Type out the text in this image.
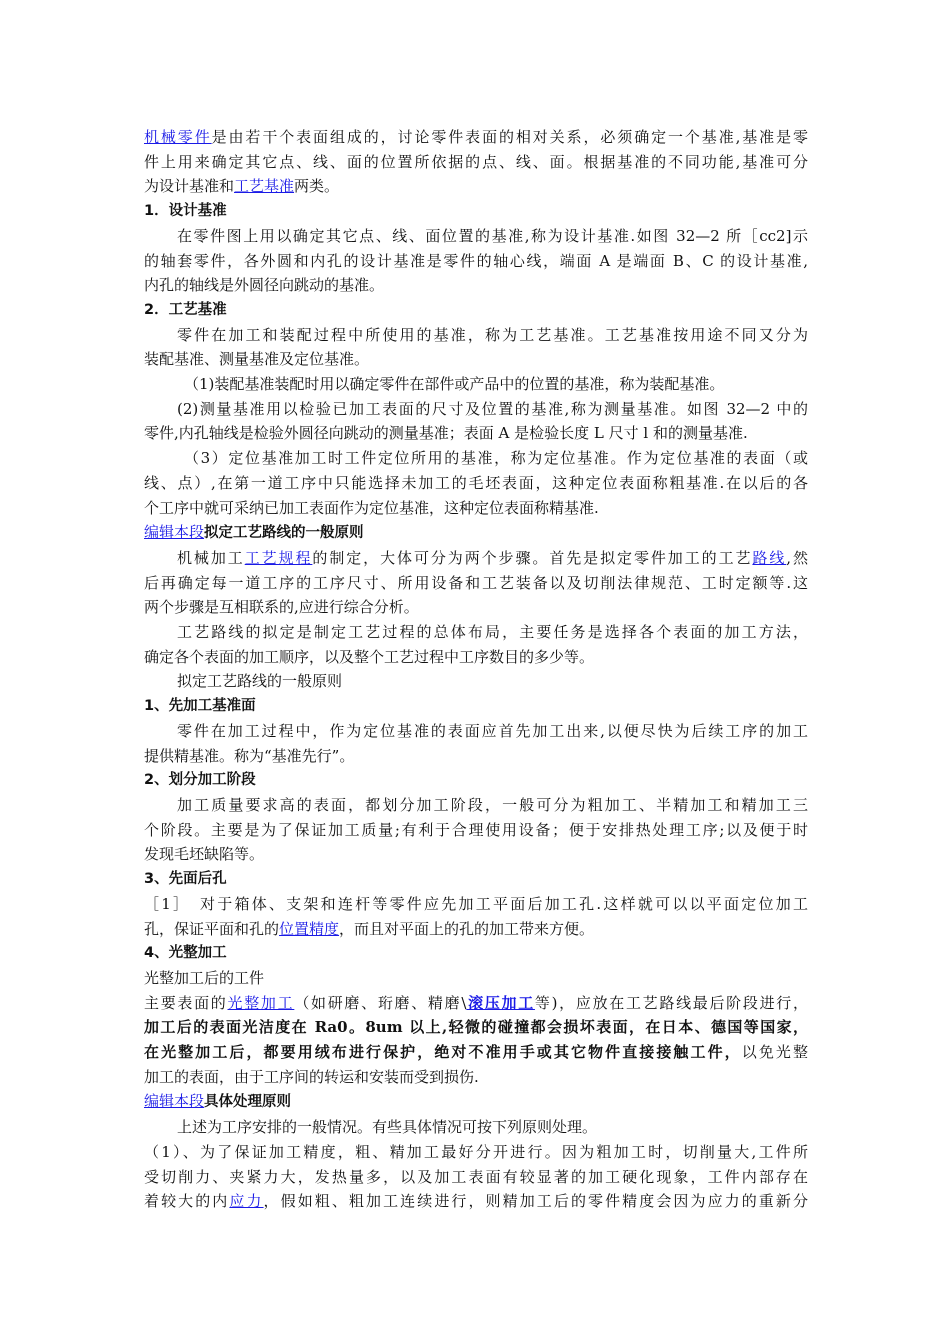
机械零件是由若干个表面组成的，讨论零件表面的相对关系，必须确定一个基准,基准是零
件上用来确定其它点、线、面的位置所依据的点、线、面。根据基准的不同功能,基准可分
为设计基准和工艺基准两类。
1．设计基准
在零件图上用以确定其它点、线、面位置的基准,称为设计基准.如图 32—2 所［cc2]示
的轴套零件，各外圆和内孔的设计基准是零件的轴心线，端面 A 是端面 B、C 的设计基准,
内孔的轴线是外圆径向跳动的基准。
2．工艺基准
零件在加工和装配过程中所使用的基准，称为工艺基准。工艺基准按用途不同又分为
装配基准、测量基准及定位基准。
（1)装配基准装配时用以确定零件在部件或产品中的位置的基准，称为装配基准。
(2)测量基准用以检验已加工表面的尺寸及位置的基准,称为测量基准。如图 32—2 中的
零件,内孔轴线是检验外圆径向跳动的测量基准；表面 A 是检验长度 L 尺寸 l 和的测量基准.
（3）定位基准加工时工件定位所用的基准，称为定位基准。作为定位基准的表面（或
线、点）,在第一道工序中只能选择未加工的毛坯表面，这种定位表面称粗基准.在以后的各
个工序中就可采纳已加工表面作为定位基准，这种定位表面称精基准.
编辑本段拟定工艺路线的一般原则
机械加工工艺规程的制定，大体可分为两个步骤。首先是拟定零件加工的工艺路线,然
后再确定每一道工序的工序尺寸、所用设备和工艺装备以及切削法律规范、工时定额等.这
两个步骤是互相联系的,应进行综合分析。
工艺路线的拟定是制定工艺过程的总体布局，主要任务是选择各个表面的加工方法，
确定各个表面的加工顺序，以及整个工艺过程中工序数目的多少等。
拟定工艺路线的一般原则
1、先加工基准面
零件在加工过程中，作为定位基准的表面应首先加工出来,以便尽快为后续工序的加工
提供精基准。称为“基准先行”。
2、划分加工阶段
加工质量要求高的表面，都划分加工阶段，一般可分为粗加工、半精加工和精加工三
个阶段。主要是为了保证加工质量;有利于合理使用设备；便于安排热处理工序;以及便于时
发现毛坯缺陷等。
3、先面后孔
［1］　对于箱体、支架和连杆等零件应先加工平面后加工孔.这样就可以以平面定位加工
孔，保证平面和孔的位置精度，而且对平面上的孔的加工带来方便。
4、光整加工
光整加工后的工件
主要表面的光整加工（如研磨、珩磨、精磨\滚压加工等)，应放在工艺路线最后阶段进行，
加工后的表面光洁度在 Ra0。8um 以上,轻微的碰撞都会损坏表面，在日本、德国等国家，
在光整加工后，都要用绒布进行保护，绝对不准用手或其它物件直接接触工件，以免光整
加工的表面，由于工序间的转运和安装而受到损伤.
编辑本段具体处理原则
上述为工序安排的一般情况。有些具体情况可按下列原则处理。
（1）、为了保证加工精度，粗、精加工最好分开进行。因为粗加工时，切削量大,工件所
受切削力、夹紧力大，发热量多，以及加工表面有较显著的加工硬化现象，工件内部存在
着较大的内应力，假如粗、粗加工连续进行，则精加工后的零件精度会因为应力的重新分
